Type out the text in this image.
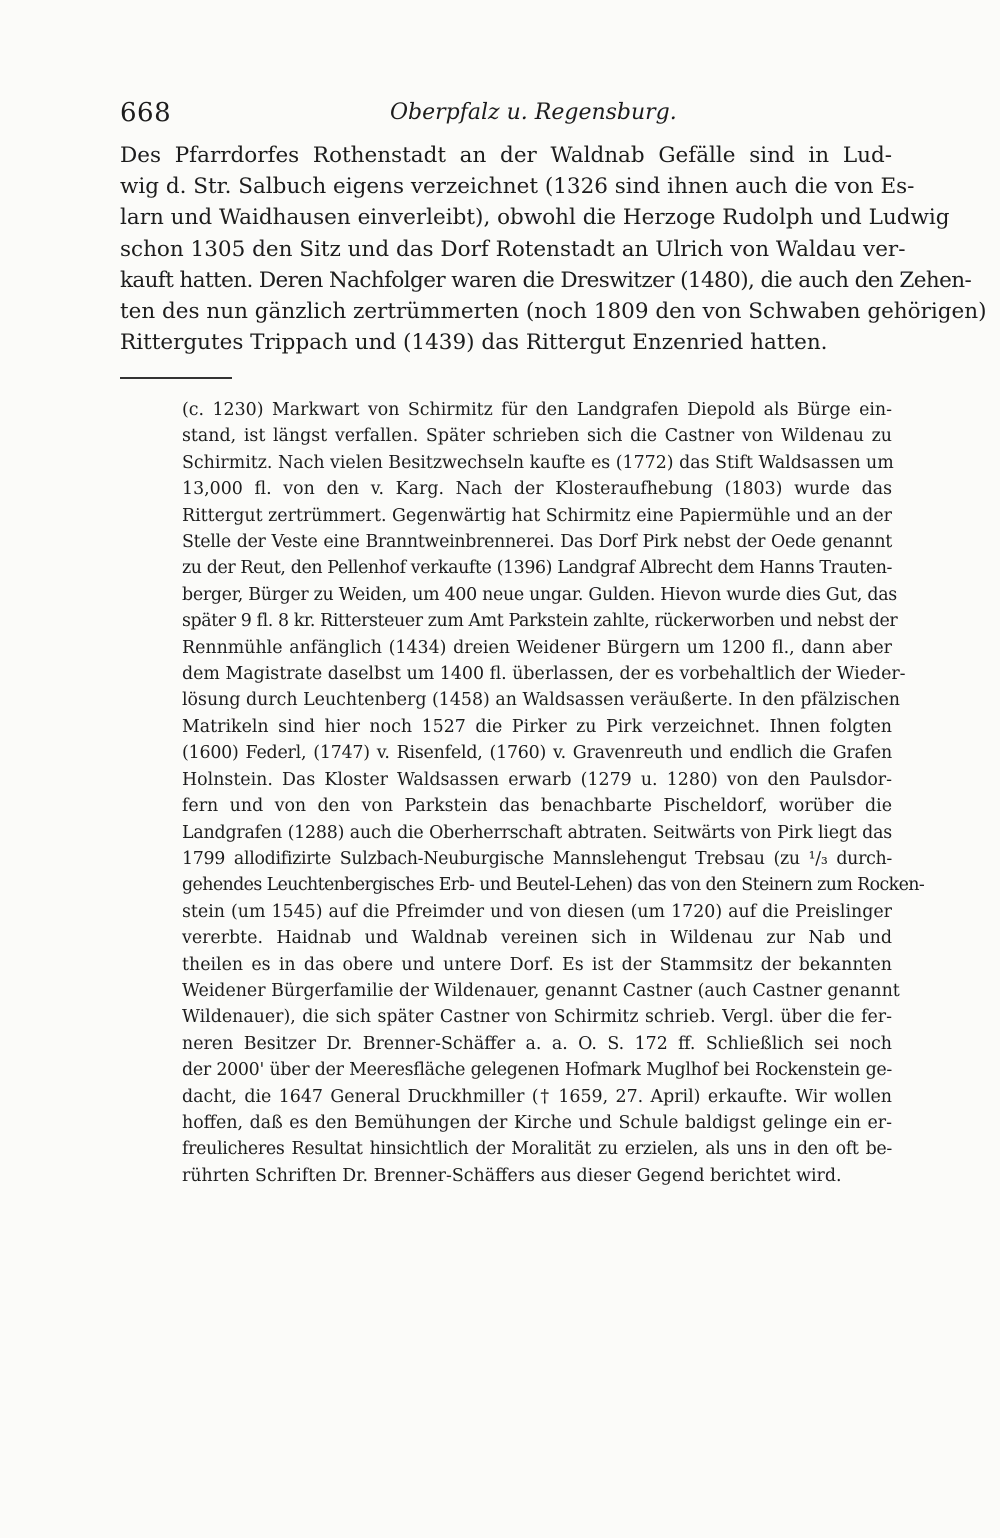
668	Oberpfalz u. Regensburg.
Des Pfarrdorfes Rothenstadt an der Waldnab Gefälle sind in Lud-
wig d. Str. Salbuch eigens verzeichnet (1326 sind ihnen auch die von Es-
larn und Waidhausen einverleibt), obwohl die Herzoge Rudolph und Ludwig
schon 1305 den Sitz und das Dorf Rotenstadt an Ulrich von Waldau ver-
kauft hatten. Deren Nachfolger waren die Dreswitzer (1480), die auch den Zehen-
ten des nun gänzlich zertrümmerten (noch 1809 den von Schwaben gehörigen)
Rittergutes Trippach und (1439) das Rittergut Enzenried hatten.
(c. 1230) Markwart von Schirmitz für den Landgrafen Diepold als Bürge ein-
stand, ist längst verfallen. Später schrieben sich die Castner von Wildenau zu
Schirmitz. Nach vielen Besitzwechseln kaufte es (1772) das Stift Waldsassen um
13,000 fl. von den v. Karg. Nach der Klosteraufhebung (1803) wurde das
Rittergut zertrümmert. Gegenwärtig hat Schirmitz eine Papiermühle und an der
Stelle der Veste eine Branntweinbrennerei. Das Dorf Pirk nebst der Oede genannt
zu der Reut, den Pellenhof verkaufte (1396) Landgraf Albrecht dem Hanns Trauten-
berger, Bürger zu Weiden, um 400 neue ungar. Gulden. Hievon wurde dies Gut, das
später 9 fl. 8 kr. Rittersteuer zum Amt Parkstein zahlte, rückerworben und nebst der
Rennmühle anfänglich (1434) dreien Weidener Bürgern um 1200 fl., dann aber
dem Magistrate daselbst um 1400 fl. überlassen, der es vorbehaltlich der Wieder-
lösung durch Leuchtenberg (1458) an Waldsassen veräußerte. In den pfälzischen
Matrikeln sind hier noch 1527 die Pirker zu Pirk verzeichnet. Ihnen folgten
(1600) Federl, (1747) v. Risenfeld, (1760) v. Gravenreuth und endlich die Grafen
Holnstein. Das Kloster Waldsassen erwarb (1279 u. 1280) von den Paulsdor-
fern und von den von Parkstein das benachbarte Pischeldorf, worüber die
Landgrafen (1288) auch die Oberherrschaft abtraten. Seitwärts von Pirk liegt das
1799 allodifizirte Sulzbach-Neuburgische Mannslehengut Trebsau (zu ¹/₃ durch-
gehendes Leuchtenbergisches Erb- und Beutel-Lehen) das von den Steinern zum Rocken-
stein (um 1545) auf die Pfreimder und von diesen (um 1720) auf die Preislinger
vererbte. Haidnab und Waldnab vereinen sich in Wildenau zur Nab und
theilen es in das obere und untere Dorf. Es ist der Stammsitz der bekannten
Weidener Bürgerfamilie der Wildenauer, genannt Castner (auch Castner genannt
Wildenauer), die sich später Castner von Schirmitz schrieb. Vergl. über die fer-
neren Besitzer Dr. Brenner-Schäffer a. a. O. S. 172 ff. Schließlich sei noch
der 2000' über der Meeresfläche gelegenen Hofmark Muglhof bei Rockenstein ge-
dacht, die 1647 General Druckhmiller († 1659, 27. April) erkaufte. Wir wollen
hoffen, daß es den Bemühungen der Kirche und Schule baldigst gelinge ein er-
freulicheres Resultat hinsichtlich der Moralität zu erzielen, als uns in den oft be-
rührten Schriften Dr. Brenner-Schäffers aus dieser Gegend berichtet wird.
